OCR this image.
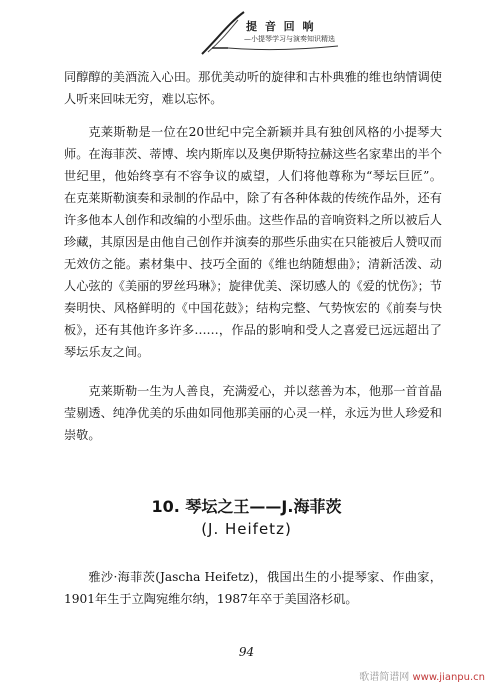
提 音 回 响
—小提琴学习与演奏知识精选

同醇醇的美酒流入心田。那优美动听的旋律和古朴典雅的维也纳情调使人听来回味无穷，难以忘怀。

克莱斯勒是一位在20世纪中完全新颖并具有独创风格的小提琴大师。在海菲茨、蒂博、埃内斯库以及奥伊斯特拉赫这些名家辈出的半个世纪里，他始终享有不容争议的威望，人们将他尊称为“琴坛巨匠”。在克莱斯勒演奏和录制的作品中，除了有各种体裁的传统作品外，还有许多他本人创作和改编的小型乐曲。这些作品的音响资料之所以被后人珍藏，其原因是由他自己创作并演奏的那些乐曲实在只能被后人赞叹而无效仿之能。素材集中、技巧全面的《维也纳随想曲》；清新活泼、动人心弦的《美丽的罗丝玛琳》；旋律优美、深切感人的《爱的忧伤》；节奏明快、风格鲜明的《中国花鼓》；结构完整、气势恢宏的《前奏与快板》，还有其他许多许多……，作品的影响和受人之喜爱已远远超出了琴坛乐友之间。

克莱斯勒一生为人善良，充满爱心，并以慈善为本，他那一首首晶莹剔透、纯净优美的乐曲如同他那美丽的心灵一样，永远为世人珍爱和崇敬。

10. 琴坛之王——J.海菲茨
(J. Heifetz)

雅沙·海菲茨(Jascha Heifetz)，俄国出生的小提琴家、作曲家，1901年生于立陶宛维尔纳，1987年卒于美国洛杉矶。

94
歌谱简谱网 www.jianpu.cn
